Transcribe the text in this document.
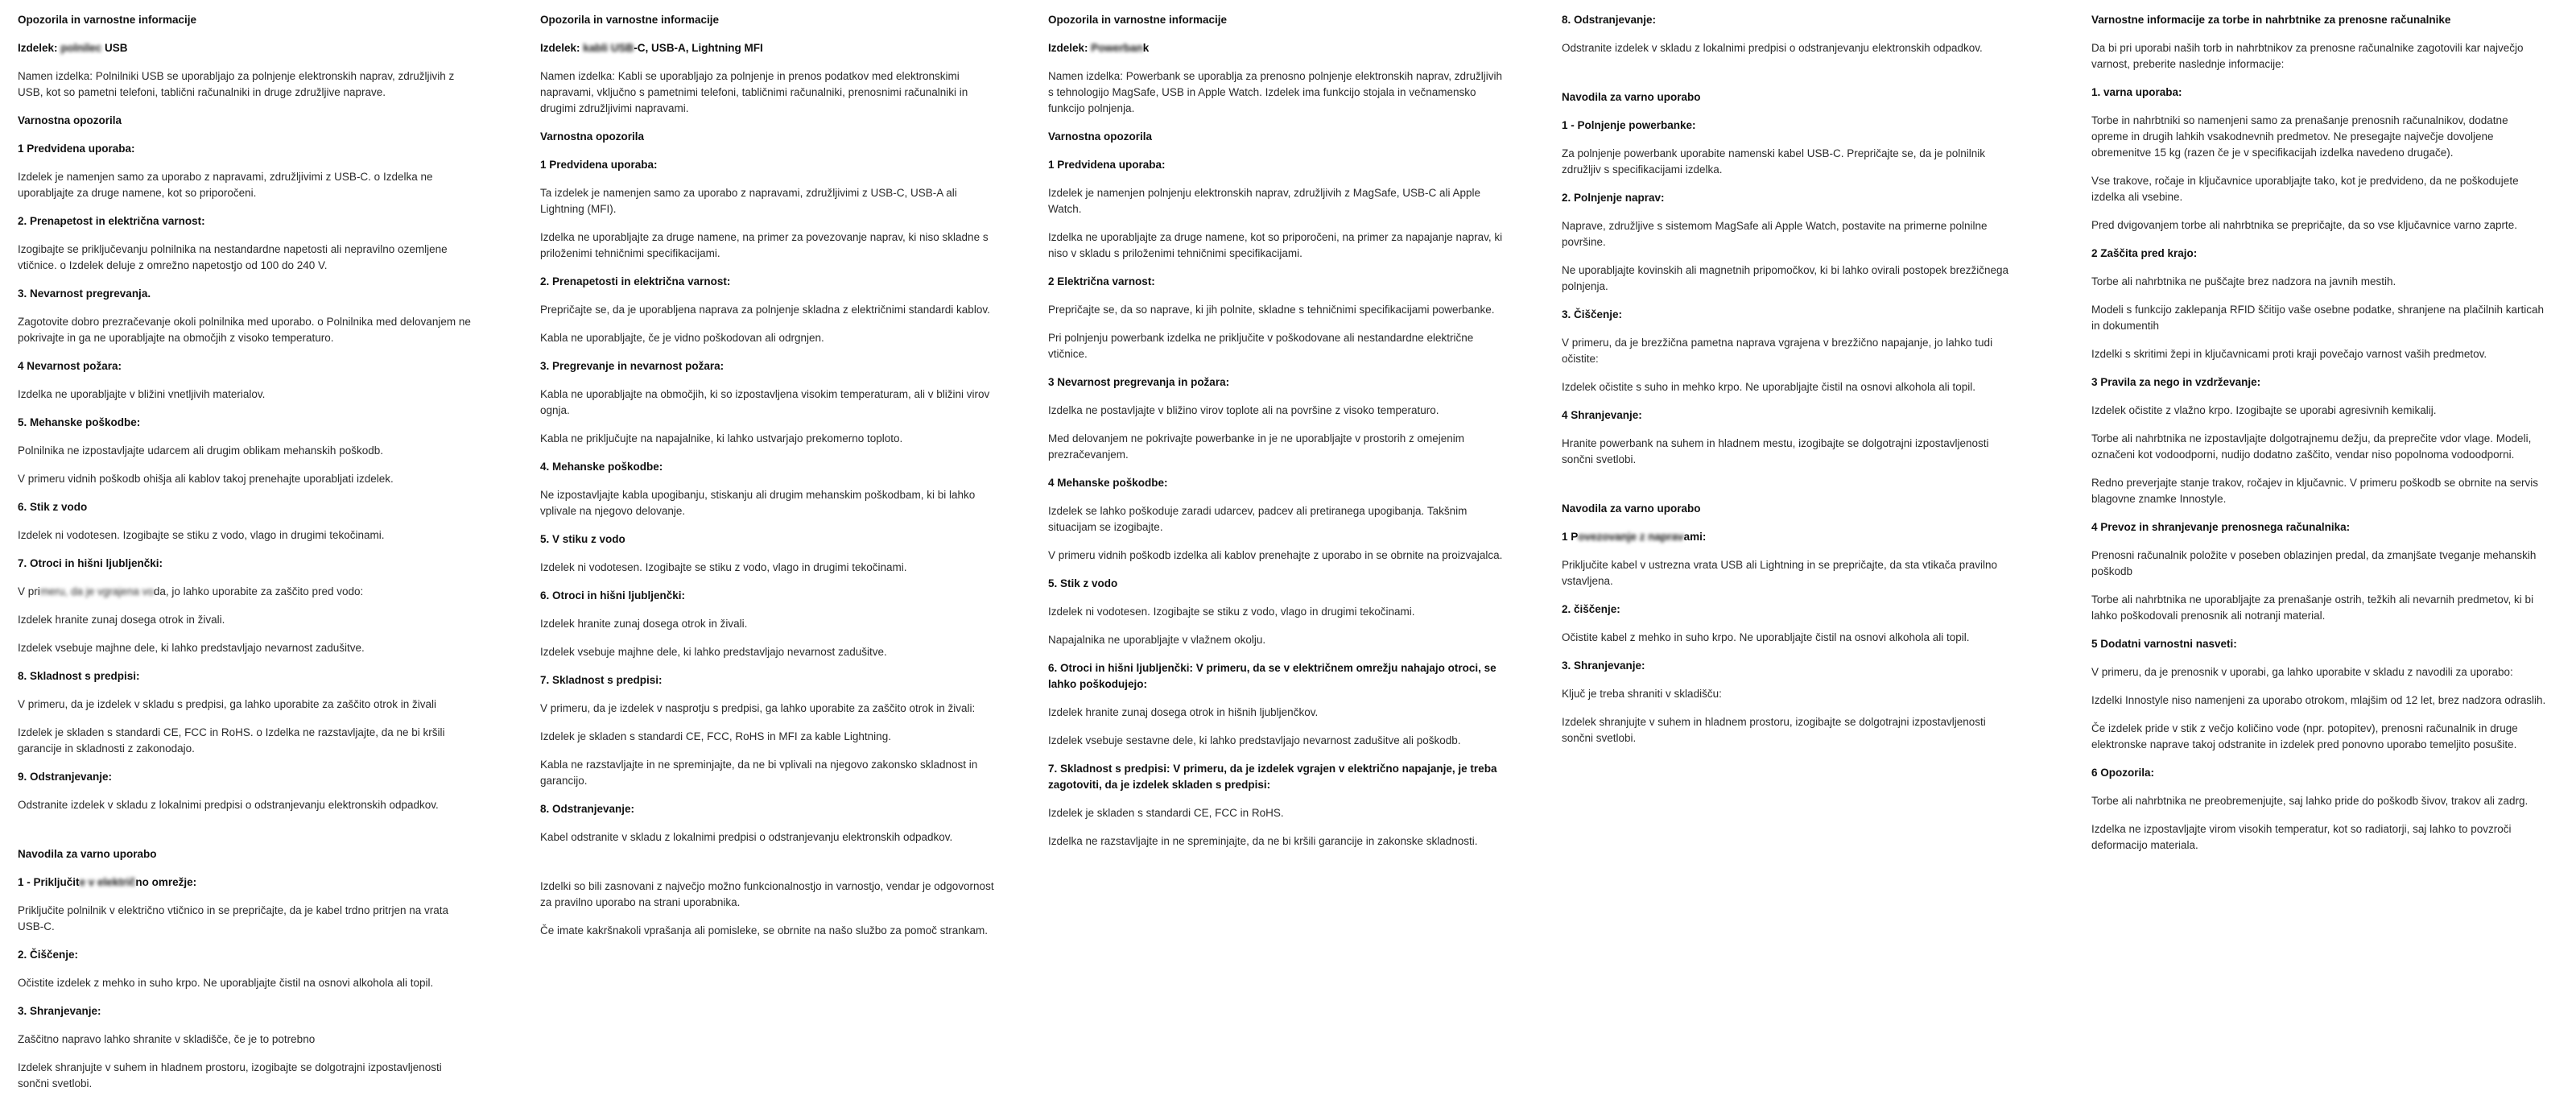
Opozorila in varnostne informacije
Izdelek: polnilec USB
Namen izdelka: Polnilniki USB se uporabljajo za polnjenje elektronskih naprav, združljivih z USB, kot so pametni telefoni, tablični računalniki in druge združljive naprave.
Varnostna opozorila
1 Predvidena uporaba:
Izdelek je namenjen samo za uporabo z napravami, združljivimi z USB-C. o Izdelka ne uporabljajte za druge namene, kot so priporočeni.
2. Prenapetost in električna varnost:
Izogibajte se priključevanju polnilnika na nestandardne napetosti ali nepravilno ozemljene vtičnice. o Izdelek deluje z omrežno napetostjo od 100 do 240 V.
3. Nevarnost pregrevanja.
Zagotovite dobro prezračevanje okoli polnilnika med uporabo. o Polnilnika med delovanjem ne pokrivajte in ga ne uporabljajte na območjih z visoko temperaturo.
4 Nevarnost požara:
Izdelka ne uporabljajte v bližini vnetljivih materialov.
5. Mehanske poškodbe:
Polnilnika ne izpostavljajte udarcem ali drugim oblikam mehanskih poškodb.
V primeru vidnih poškodb ohišja ali kablov takoj prenehajte uporabljati izdelek.
6. Stik z vodo
Izdelek ni vodotesen. Izogibajte se stiku z vodo, vlago in drugimi tekočinami.
7. Otroci in hišni ljubljenčki:
V primeru, da je vgrajena voda, jo lahko uporabite za zaščito pred vodo:
Izdelek hranite zunaj dosega otrok in živali.
Izdelek vsebuje majhne dele, ki lahko predstavljajo nevarnost zadušitve.
8. Skladnost s predpisi:
V primeru, da je izdelek v skladu s predpisi, ga lahko uporabite za zaščito otrok in živali
Izdelek je skladen s standardi CE, FCC in RoHS. o Izdelka ne razstavljajte, da ne bi kršili garancije in skladnosti z zakonodajo.
9. Odstranjevanje:
Odstranite izdelek v skladu z lokalnimi predpisi o odstranjevanju elektronskih odpadkov.
Navodila za varno uporabo
1 - Priključite v električno omrežje:
Priključite polnilnik v električno vtičnico in se prepričajte, da je kabel trdno pritrjen na vrata USB-C.
2. Čiščenje:
Očistite izdelek z mehko in suho krpo. Ne uporabljajte čistil na osnovi alkohola ali topil.
3. Shranjevanje:
Zaščitno napravo lahko shranite v skladišče, če je to potrebno
Izdelek shranjujte v suhem in hladnem prostoru, izogibajte se dolgotrajni izpostavljenosti sončni svetlobi.
Opozorila in varnostne informacije
Izdelek: kabli USB-C, USB-A, Lightning MFI
Namen izdelka: Kabli se uporabljajo za polnjenje in prenos podatkov med elektronskimi napravami, vključno s pametnimi telefoni, tabličnimi računalniki, prenosnimi računalniki in drugimi združljivimi napravami.
Varnostna opozorila
1 Predvidena uporaba:
Ta izdelek je namenjen samo za uporabo z napravami, združljivimi z USB-C, USB-A ali Lightning (MFI).
Izdelka ne uporabljajte za druge namene, na primer za povezovanje naprav, ki niso skladne s priloženimi tehničnimi specifikacijami.
2. Prenapetosti in električna varnost:
Prepričajte se, da je uporabljena naprava za polnjenje skladna z električnimi standardi kablov.
Kabla ne uporabljajte, če je vidno poškodovan ali odrgnjen.
3. Pregrevanje in nevarnost požara:
Kabla ne uporabljajte na območjih, ki so izpostavljena visokim temperaturam, ali v bližini virov ognja.
Kabla ne priključujte na napajalnike, ki lahko ustvarjajo prekomerno toploto.
4. Mehanske poškodbe:
Ne izpostavljajte kabla upogibanju, stiskanju ali drugim mehanskim poškodbam, ki bi lahko vplivale na njegovo delovanje.
5. V stiku z vodo
Izdelek ni vodotesen. Izogibajte se stiku z vodo, vlago in drugimi tekočinami.
6. Otroci in hišni ljubljenčki:
Izdelek hranite zunaj dosega otrok in živali.
Izdelek vsebuje majhne dele, ki lahko predstavljajo nevarnost zadušitve.
7. Skladnost s predpisi:
V primeru, da je izdelek v nasprotju s predpisi, ga lahko uporabite za zaščito otrok in živali:
Izdelek je skladen s standardi CE, FCC, RoHS in MFI za kable Lightning.
Kabla ne razstavljajte in ne spreminjajte, da ne bi vplivali na njegovo zakonsko skladnost in garancijo.
8. Odstranjevanje:
Kabel odstranite v skladu z lokalnimi predpisi o odstranjevanju elektronskih odpadkov.
Izdelki so bili zasnovani z največjo možno funkcionalnostjo in varnostjo, vendar je odgovornost za pravilno uporabo na strani uporabnika.
Če imate kakršnakoli vprašanja ali pomisleke, se obrnite na našo službo za pomoč strankam.
Opozorila in varnostne informacije
Izdelek: Powerbank
Namen izdelka: Powerbank se uporablja za prenosno polnjenje elektronskih naprav, združljivih s tehnologijo MagSafe, USB in Apple Watch. Izdelek ima funkcijo stojala in večnamensko funkcijo polnjenja.
Varnostna opozorila
1 Predvidena uporaba:
Izdelek je namenjen polnjenju elektronskih naprav, združljivih z MagSafe, USB-C ali Apple Watch.
Izdelka ne uporabljajte za druge namene, kot so priporočeni, na primer za napajanje naprav, ki niso v skladu s priloženimi tehničnimi specifikacijami.
2 Električna varnost:
Prepričajte se, da so naprave, ki jih polnite, skladne s tehničnimi specifikacijami powerbanke.
Pri polnjenju powerbank izdelka ne priključite v poškodovane ali nestandardne električne vtičnice.
3 Nevarnost pregrevanja in požara:
Izdelka ne postavljajte v bližino virov toplote ali na površine z visoko temperaturo.
Med delovanjem ne pokrivajte powerbanke in je ne uporabljajte v prostorih z omejenim prezračevanjem.
4 Mehanske poškodbe:
Izdelek se lahko poškoduje zaradi udarcev, padcev ali pretiranega upogibanja. Takšnim situacijam se izogibajte.
V primeru vidnih poškodb izdelka ali kablov prenehajte z uporabo in se obrnite na proizvajalca.
5. Stik z vodo
Izdelek ni vodotesen. Izogibajte se stiku z vodo, vlago in drugimi tekočinami.
Napajalnika ne uporabljajte v vlažnem okolju.
6. Otroci in hišni ljubljenčki: V primeru, da se v električnem omrežju nahajajo otroci, se lahko poškodujejo:
Izdelek hranite zunaj dosega otrok in hišnih ljubljenčkov.
Izdelek vsebuje sestavne dele, ki lahko predstavljajo nevarnost zadušitve ali poškodb.
7. Skladnost s predpisi: V primeru, da je izdelek vgrajen v električno napajanje, je treba zagotoviti, da je izdelek skladen s predpisi:
Izdelek je skladen s standardi CE, FCC in RoHS.
Izdelka ne razstavljajte in ne spreminjajte, da ne bi kršili garancije in zakonske skladnosti.
8. Odstranjevanje:
Odstranite izdelek v skladu z lokalnimi predpisi o odstranjevanju elektronskih odpadkov.
Navodila za varno uporabo
1 - Polnjenje powerbanke:
Za polnjenje powerbank uporabite namenski kabel USB-C. Prepričajte se, da je polnilnik združljiv s specifikacijami izdelka.
2. Polnjenje naprav:
Naprave, združljive s sistemom MagSafe ali Apple Watch, postavite na primerne polnilne površine.
Ne uporabljajte kovinskih ali magnetnih pripomočkov, ki bi lahko ovirali postopek brezžičnega polnjenja.
3. Čiščenje:
V primeru, da je brezžična pametna naprava vgrajena v brezžično napajanje, jo lahko tudi očistite:
Izdelek očistite s suho in mehko krpo. Ne uporabljajte čistil na osnovi alkohola ali topil.
4 Shranjevanje:
Hranite powerbank na suhem in hladnem mestu, izogibajte se dolgotrajni izpostavljenosti sončni svetlobi.
Navodila za varno uporabo
1 Povezovanje z napravami:
Priključite kabel v ustrezna vrata USB ali Lightning in se prepričajte, da sta vtikača pravilno vstavljena.
2. čiščenje:
Očistite kabel z mehko in suho krpo. Ne uporabljajte čistil na osnovi alkohola ali topil.
3. Shranjevanje:
Ključ je treba shraniti v skladišču:
Izdelek shranjujte v suhem in hladnem prostoru, izogibajte se dolgotrajni izpostavljenosti sončni svetlobi.
Varnostne informacije za torbe in nahrbtnike za prenosne računalnike
Da bi pri uporabi naših torb in nahrbtnikov za prenosne računalnike zagotovili kar največjo varnost, preberite naslednje informacije:
1. varna uporaba:
Torbe in nahrbtniki so namenjeni samo za prenašanje prenosnih računalnikov, dodatne opreme in drugih lahkih vsakodnevnih predmetov. Ne presegajte največje dovoljene obremenitve 15 kg (razen če je v specifikacijah izdelka navedeno drugače).
Vse trakove, ročaje in ključavnice uporabljajte tako, kot je predvideno, da ne poškodujete izdelka ali vsebine.
Pred dvigovanjem torbe ali nahrbtnika se prepričajte, da so vse ključavnice varno zaprte.
2 Zaščita pred krajo:
Torbe ali nahrbtnika ne puščajte brez nadzora na javnih mestih.
Modeli s funkcijo zaklepanja RFID ščitijo vaše osebne podatke, shranjene na plačilnih karticah in dokumentih
Izdelki s skritimi žepi in ključavnicami proti kraji povečajo varnost vaših predmetov.
3 Pravila za nego in vzdrževanje:
Izdelek očistite z vlažno krpo. Izogibajte se uporabi agresivnih kemikalij.
Torbe ali nahrbtnika ne izpostavljajte dolgotrajnemu dežju, da preprečite vdor vlage. Modeli, označeni kot vodoodporni, nudijo dodatno zaščito, vendar niso popolnoma vodoodporni.
Redno preverjajte stanje trakov, ročajev in ključavnic. V primeru poškodb se obrnite na servis blagovne znamke Innostyle.
4 Prevoz in shranjevanje prenosnega računalnika:
Prenosni računalnik položite v poseben oblazinjen predal, da zmanjšate tveganje mehanskih poškodb
Torbe ali nahrbtnika ne uporabljajte za prenašanje ostrih, težkih ali nevarnih predmetov, ki bi lahko poškodovali prenosnik ali notranji material.
5 Dodatni varnostni nasveti:
V primeru, da je prenosnik v uporabi, ga lahko uporabite v skladu z navodili za uporabo:
Izdelki Innostyle niso namenjeni za uporabo otrokom, mlajšim od 12 let, brez nadzora odraslih.
Če izdelek pride v stik z večjo količino vode (npr. potopitev), prenosni računalnik in druge elektronske naprave takoj odstranite in izdelek pred ponovno uporabo temeljito posušite.
6 Opozorila:
Torbe ali nahrbtnika ne preobremenjujte, saj lahko pride do poškodb šivov, trakov ali zadrg.
Izdelka ne izpostavljajte virom visokih temperatur, kot so radiatorji, saj lahko to povzroči deformacijo materiala.
